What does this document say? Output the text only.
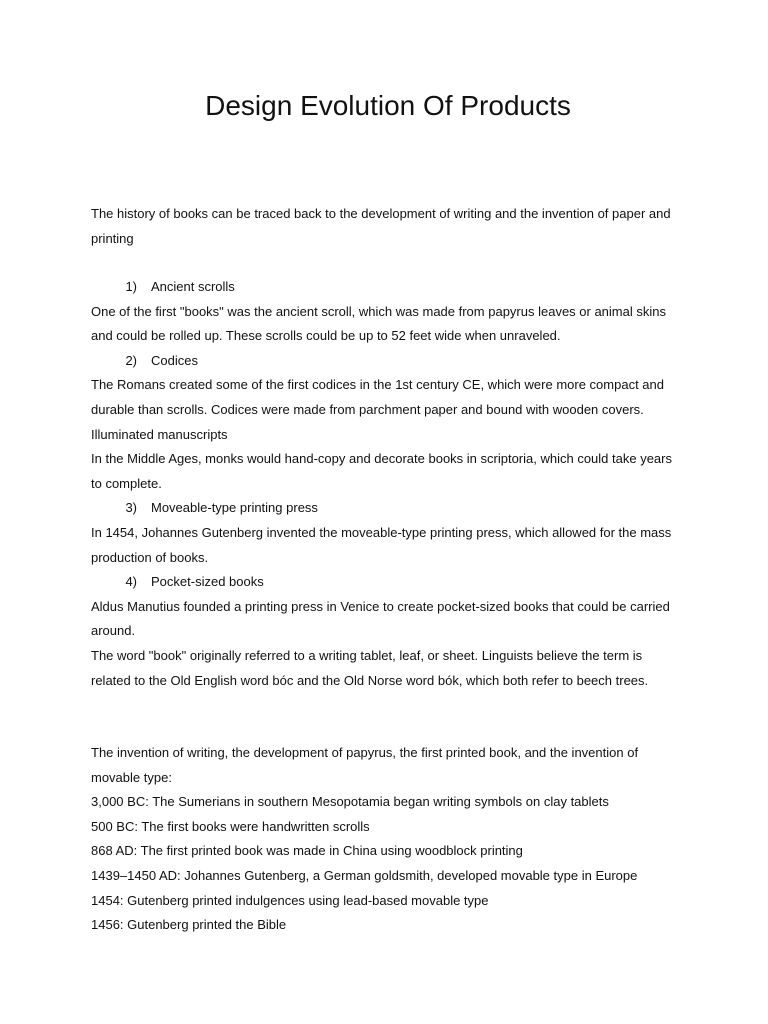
Design Evolution Of Products

The history of books can be traced back to the development of writing and the invention of paper and printing

1) Ancient scrolls

One of the first "books" was the ancient scroll, which was made from papyrus leaves or animal skins and could be rolled up. These scrolls could be up to 52 feet wide when unraveled.

2) Codices

The Romans created some of the first codices in the 1st century CE, which were more compact and durable than scrolls. Codices were made from parchment paper and bound with wooden covers.

Illuminated manuscripts

In the Middle Ages, monks would hand-copy and decorate books in scriptoria, which could take years to complete.

3) Moveable-type printing press

In 1454, Johannes Gutenberg invented the moveable-type printing press, which allowed for the mass production of books.

4) Pocket-sized books

Aldus Manutius founded a printing press in Venice to create pocket-sized books that could be carried around.

The word "book" originally referred to a writing tablet, leaf, or sheet. Linguists believe the term is related to the Old English word bóc and the Old Norse word bók, which both refer to beech trees.

The invention of writing, the development of papyrus, the first printed book, and the invention of movable type:

3,000 BC: The Sumerians in southern Mesopotamia began writing symbols on clay tablets

500 BC: The first books were handwritten scrolls

868 AD: The first printed book was made in China using woodblock printing

1439–1450 AD: Johannes Gutenberg, a German goldsmith, developed movable type in Europe

1454: Gutenberg printed indulgences using lead-based movable type

1456: Gutenberg printed the Bible
